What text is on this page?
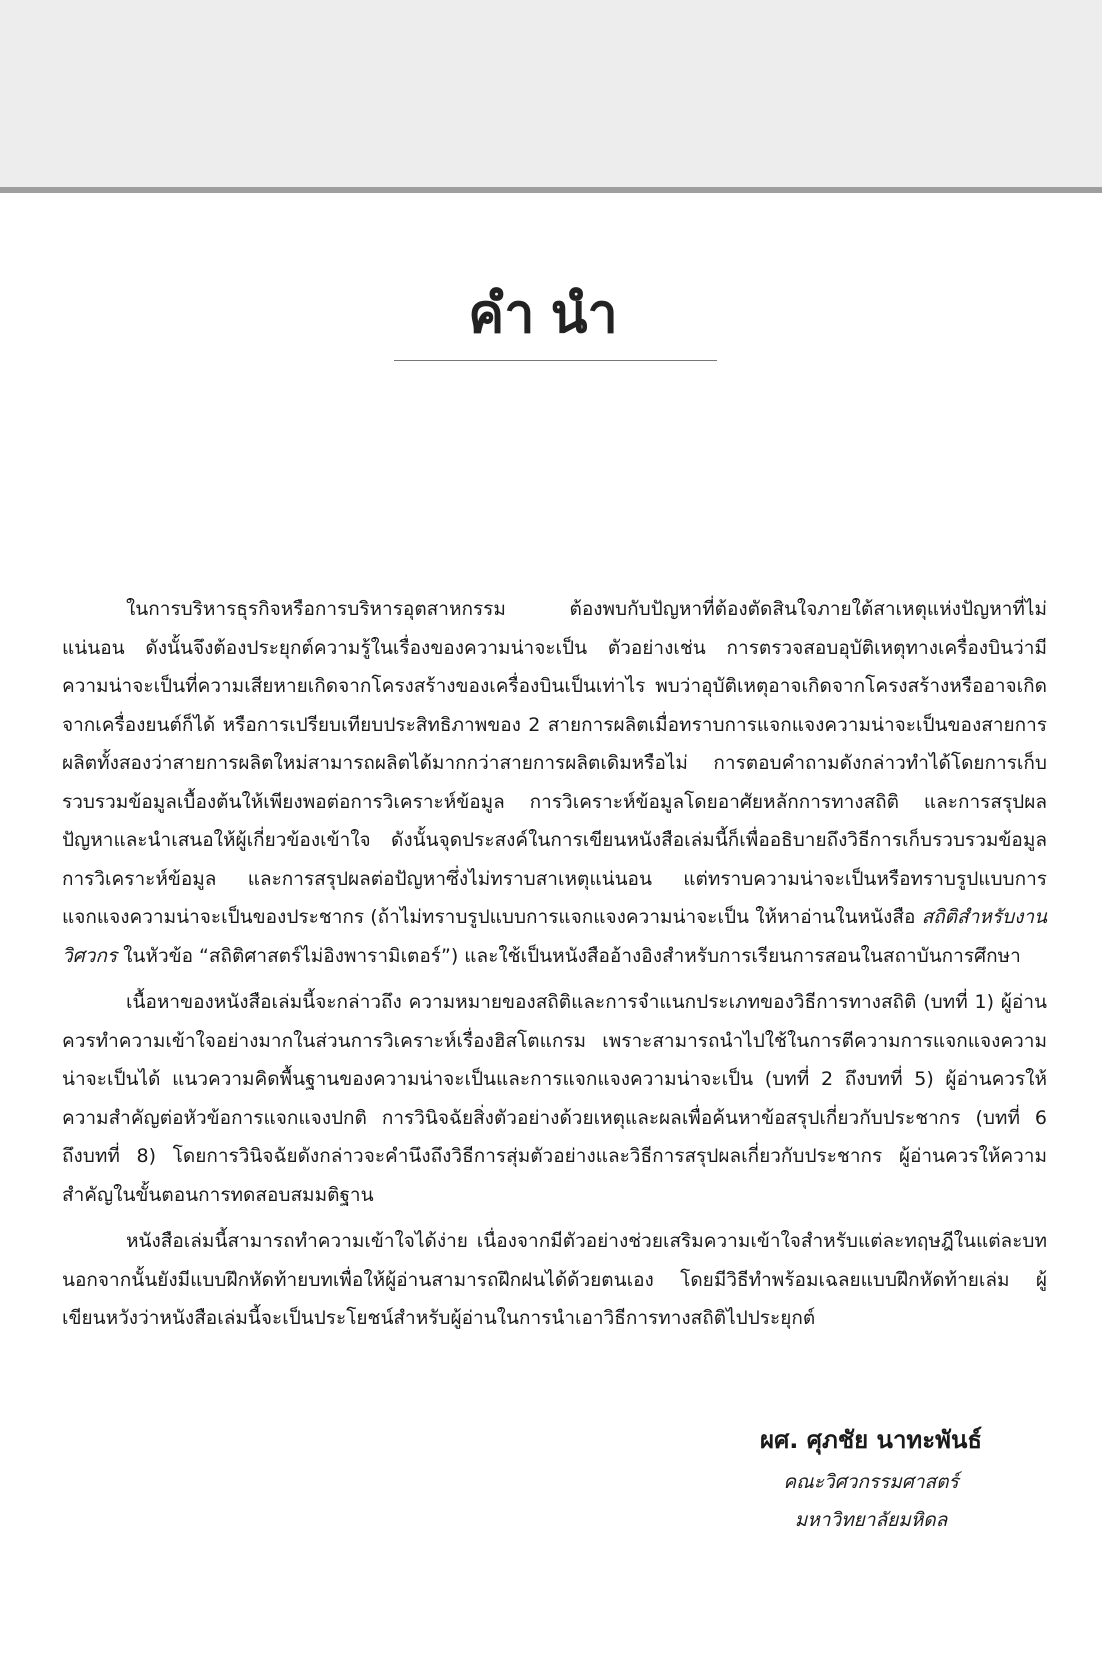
คำนำ

ในการบริหารธุรกิจหรือการบริหารอุตสาหกรรม ต้องพบกับปัญหาที่ต้องตัดสินใจภายใต้สาเหตุแห่งปัญหาที่ไม่แน่นอน ดังนั้นจึงต้องประยุกต์ความรู้ในเรื่องของความน่าจะเป็น ตัวอย่างเช่น การตรวจสอบอุบัติเหตุทางเครื่องบินว่ามีความน่าจะเป็นที่ความเสียหายเกิดจากโครงสร้างของเครื่องบินเป็นเท่าไร พบว่าอุบัติเหตุอาจเกิดจากโครงสร้างหรืออาจเกิดจากเครื่องยนต์ก็ได้ หรือการเปรียบเทียบประสิทธิภาพของ 2 สายการผลิตเมื่อทราบการแจกแจงความน่าจะเป็นของสายการผลิตทั้งสองว่าสายการผลิตใหม่สามารถผลิตได้มากกว่าสายการผลิตเดิมหรือไม่ การตอบคำถามดังกล่าวทำได้โดยการเก็บรวบรวมข้อมูลเบื้องต้นให้เพียงพอต่อการวิเคราะห์ข้อมูล การวิเคราะห์ข้อมูลโดยอาศัยหลักการทางสถิติ และการสรุปผลปัญหาและนำเสนอให้ผู้เกี่ยวข้องเข้าใจ ดังนั้นจุดประสงค์ในการเขียนหนังสือเล่มนี้ก็เพื่ออธิบายถึงวิธีการเก็บรวบรวมข้อมูล การวิเคราะห์ข้อมูล และการสรุปผลต่อปัญหาซึ่งไม่ทราบสาเหตุแน่นอน แต่ทราบความน่าจะเป็นหรือทราบรูปแบบการแจกแจงความน่าจะเป็นของประชากร (ถ้าไม่ทราบรูปแบบการแจกแจงความน่าจะเป็น ให้หาอ่านในหนังสือ สถิติสำหรับงานวิศวกร ในหัวข้อ “สถิติศาสตร์ไม่อิงพารามิเตอร์”) และใช้เป็นหนังสืออ้างอิงสำหรับการเรียนการสอนในสถาบันการศึกษา

เนื้อหาของหนังสือเล่มนี้จะกล่าวถึง ความหมายของสถิติและการจำแนกประเภทของวิธีการทางสถิติ (บทที่ 1) ผู้อ่านควรทำความเข้าใจอย่างมากในส่วนการวิเคราะห์เรื่องฮิสโตแกรม เพราะสามารถนำไปใช้ในการตีความการแจกแจงความน่าจะเป็นได้ แนวความคิดพื้นฐานของความน่าจะเป็นและการแจกแจงความน่าจะเป็น (บทที่ 2 ถึงบทที่ 5) ผู้อ่านควรให้ความสำคัญต่อหัวข้อการแจกแจงปกติ การวินิจฉัยสิ่งตัวอย่างด้วยเหตุและผลเพื่อค้นหาข้อสรุปเกี่ยวกับประชากร (บทที่ 6 ถึงบทที่ 8) โดยการวินิจฉัยดังกล่าวจะคำนึงถึงวิธีการสุ่มตัวอย่างและวิธีการสรุปผลเกี่ยวกับประชากร ผู้อ่านควรให้ความสำคัญในขั้นตอนการทดสอบสมมติฐาน

หนังสือเล่มนี้สามารถทำความเข้าใจได้ง่าย เนื่องจากมีตัวอย่างช่วยเสริมความเข้าใจสำหรับแต่ละทฤษฎีในแต่ละบท นอกจากนั้นยังมีแบบฝึกหัดท้ายบทเพื่อให้ผู้อ่านสามารถฝึกฝนได้ด้วยตนเอง โดยมีวิธีทำพร้อมเฉลยแบบฝึกหัดท้ายเล่ม ผู้เขียนหวังว่าหนังสือเล่มนี้จะเป็นประโยชน์สำหรับผู้อ่านในการนำเอาวิธีการทางสถิติไปประยุกต์

ผศ. ศุภชัย นาทะพันธ์
คณะวิศวกรรมศาสตร์
มหาวิทยาลัยมหิดล
